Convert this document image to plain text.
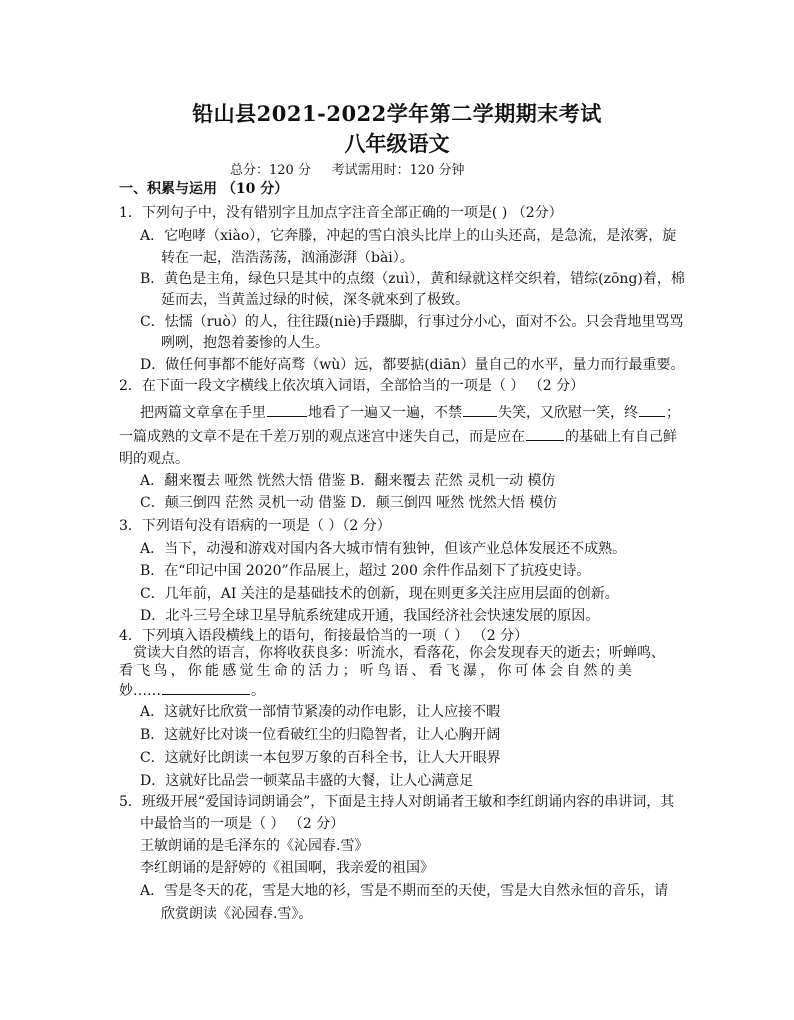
铅山县2021-2022学年第二学期期末考试
八年级语文
总分：120 分     考试需用时：120 分钟
一、积累与运用 （10 分）
1．下列句子中，没有错别字且加点字注音全部正确的一项是( ) （2分）
A．它咆哮（xiào），它奔滕，冲起的雪白浪头比岸上的山头还高，是急流，是浓雾，旋
转在一起，浩浩荡荡，汹涌澎湃（bài）。
B．黄色是主角，绿色只是其中的点缀（zuì），黄和绿就这样交织着，错综(zōng)着，棉
延而去，当黄盖过绿的时候，深冬就來到了极致。
C．怯懦（ruò）的人，往往蹑(niè)手蹑脚，行事过分小心，面对不公。只会背地里骂骂
咧咧，抱怨着萎惨的人生。
D．做任何事都不能好高骛（wù）远，都要掂(diān）量自己的水平，量力而行最重要。
2．在下面一段文字横线上依次填入词语，全部恰当的一项是（ ） （2 分）
把两篇文章拿在手里	地看了一遍又一遍，不禁	失笑，又欣慰一笑，终 ；
一篇成熟的文章不是在千差万别的观点迷宫中迷失自己，而是应在	的基础上有自己鲜
明的观点。
A．翻来覆去 哑然 恍然大悟 借鉴 B．翻来覆去 茫然 灵机一动 模仿
C．颠三倒四 茫然 灵机一动 借鉴 D．颠三倒四 哑然 恍然大悟 模仿
3．下列语句没有语病的一项是（ ）（2 分）
A．当下，动漫和游戏对国内各大城市情有独钟，但该产业总体发展还不成熟。
B．在“印记中国 2020”作品展上，超过 200 余件作品刻下了抗疫史诗。
C．几年前，AI 关注的是基础技术的创新，现在则更多关注应用层面的创新。
D．北斗三号全球卫星导航系统建成开通，我国经济社会快速发展的原因。
4．下列填入语段横线上的语句，衔接最恰当的一项（ ） （2 分）
赏读大自然的语言，你将收获良多：听流水，看落花，你会发现春天的逝去；听蝉鸣、
看飞鸟，你能感觉生命的活力；听鸟语、看飞瀑，你可体会自然的美
妙……	。
A．这就好比欣赏一部情节紧凑的动作电影，让人应接不暇
B．这就好比对谈一位看破红尘的归隐智者，让人心胸开阔
C．这就好比朗读一本包罗万象的百科全书，让人大开眼界
D．这就好比品尝一顿菜品丰盛的大餐，让人心满意足
5．班级开展“爱国诗词朗诵会”，下面是主持人对朗诵者王敏和李红朗诵内容的串讲词，其
中最恰当的一项是（ ） （2 分）
王敏朗诵的是毛泽东的《沁园春.雪》
李红朗诵的是舒婷的《祖国啊，我亲爱的祖国》
A．雪是冬天的花，雪是大地的衫，雪是不期而至的天使，雪是大自然永恒的音乐，请
欣赏朗读《沁园春.雪》。
